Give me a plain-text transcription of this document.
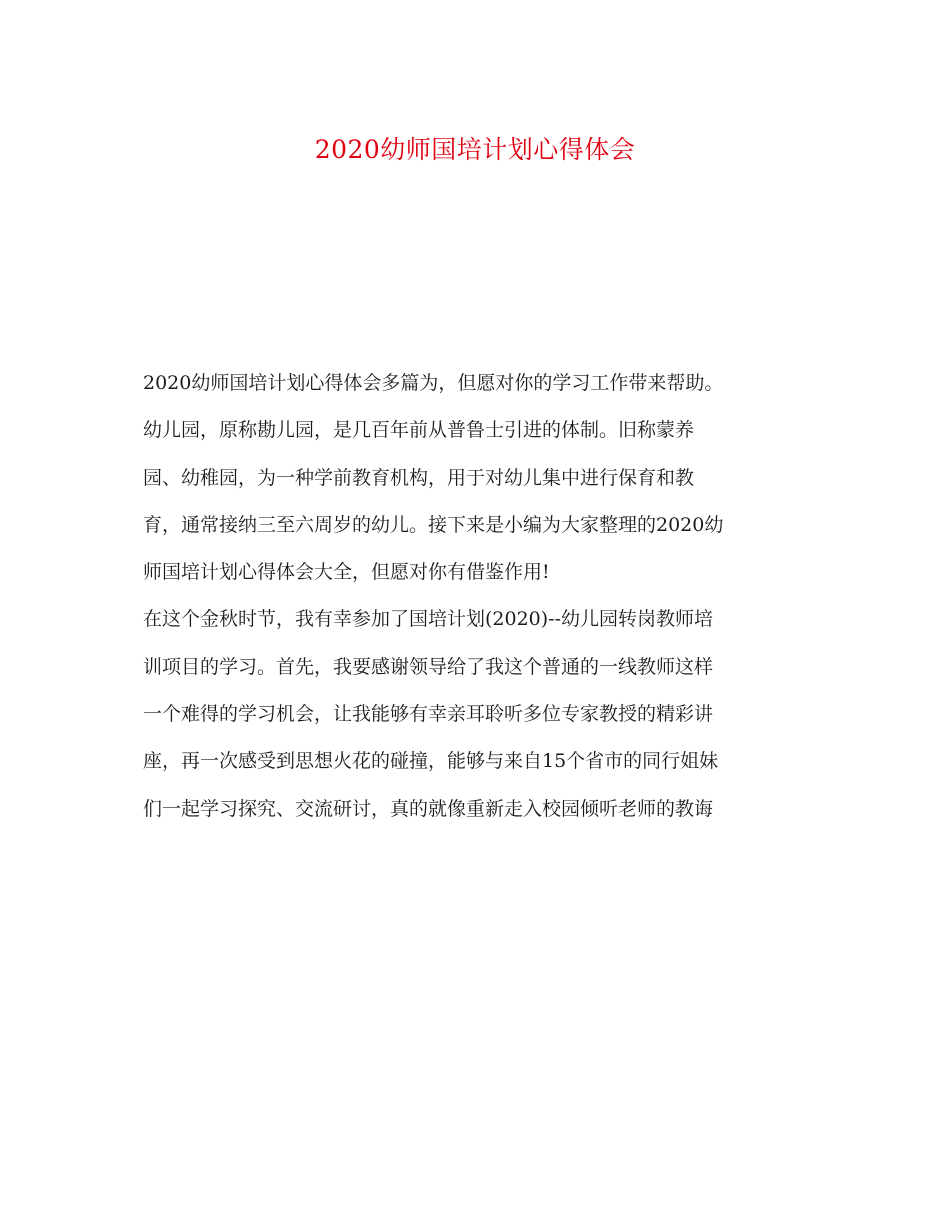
2020幼师国培计划心得体会
2020幼师国培计划心得体会多篇为，但愿对你的学习工作带来帮助。
幼儿园，原称勘儿园，是几百年前从普鲁士引进的体制。旧称蒙养
园、幼稚园，为一种学前教育机构，用于对幼儿集中进行保育和教
育，通常接纳三至六周岁的幼儿。接下来是小编为大家整理的2020幼
师国培计划心得体会大全，但愿对你有借鉴作用!
在这个金秋时节，我有幸参加了国培计划(2020)--幼儿园转岗教师培
训项目的学习。首先，我要感谢领导给了我这个普通的一线教师这样
一个难得的学习机会，让我能够有幸亲耳聆听多位专家教授的精彩讲
座，再一次感受到思想火花的碰撞，能够与来自15个省市的同行姐妹
们一起学习探究、交流研讨，真的就像重新走入校园倾听老师的教诲
